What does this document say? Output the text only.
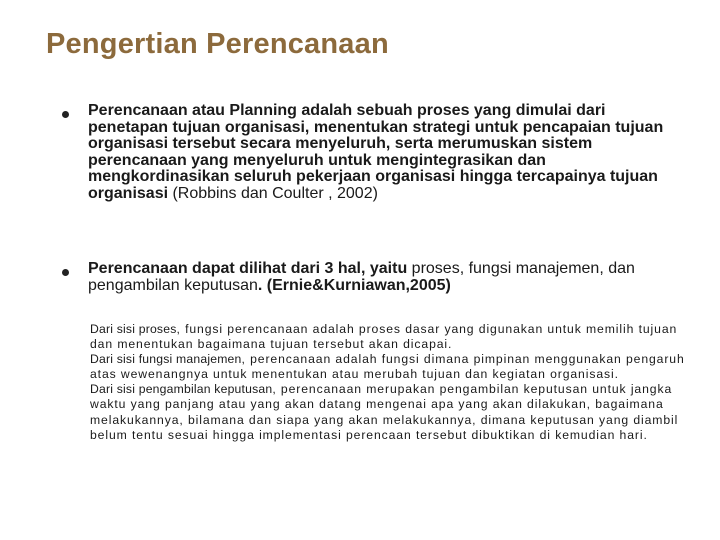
Pengertian Perencanaan
Perencanaan atau Planning adalah sebuah proses yang dimulai dari penetapan tujuan organisasi, menentukan strategi untuk pencapaian tujuan organisasi tersebut secara menyeluruh, serta merumuskan sistem perencanaan yang menyeluruh untuk mengintegrasikan dan mengkordinasikan seluruh pekerjaan organisasi hingga tercapainya tujuan organisasi (Robbins dan Coulter , 2002)
Perencanaan dapat dilihat dari 3 hal, yaitu proses, fungsi manajemen, dan pengambilan keputusan. (Ernie&Kurniawan,2005)

Dari sisi proses, fungsi perencanaan adalah proses dasar yang digunakan untuk memilih tujuan dan menentukan bagaimana tujuan tersebut akan dicapai.

Dari sisi fungsi manajemen, perencanaan adalah fungsi dimana pimpinan menggunakan pengaruh atas wewenangnya untuk menentukan atau merubah tujuan dan kegiatan organisasi.

Dari sisi pengambilan keputusan, perencanaan merupakan pengambilan keputusan untuk jangka waktu yang panjang atau yang akan datang mengenai apa yang akan dilakukan, bagaimana melakukannya, bilamana dan siapa yang akan melakukannya, dimana keputusan yang diambil belum tentu sesuai hingga implementasi perencaan tersebut dibuktikan di kemudian hari.
